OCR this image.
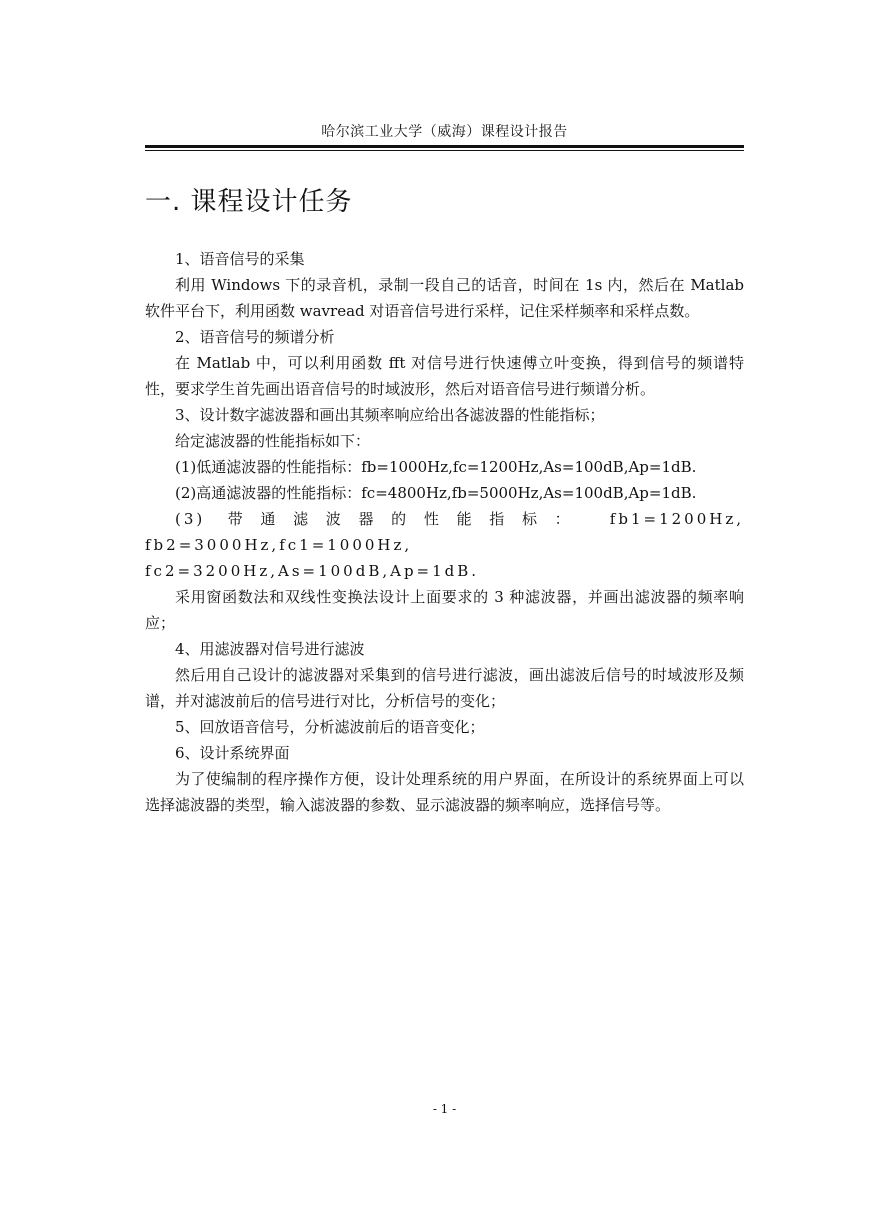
哈尔滨工业大学（威海）课程设计报告
一. 课程设计任务

1、语音信号的采集

利用 Windows 下的录音机，录制一段自己的话音，时间在 1s 内，然后在 Matlab 软件平台下，利用函数 wavread 对语音信号进行采样，记住采样频率和采样点数。

2、语音信号的频谱分析

在 Matlab 中，可以利用函数 fft 对信号进行快速傅立叶变换，得到信号的频谱特性，要求学生首先画出语音信号的时域波形，然后对语音信号进行频谱分析。

3、设计数字滤波器和画出其频率响应给出各滤波器的性能指标；

给定滤波器的性能指标如下：

(1)低通滤波器的性能指标：fb=1000Hz,fc=1200Hz,As=100dB,Ap=1dB.

(2)高通滤波器的性能指标：fc=4800Hz,fb=5000Hz,As=100dB,Ap=1dB.

(3) 带通滤波器的性能指标： fb1=1200Hz, fb2=3000Hz,fc1=1000Hz, fc2=3200Hz,As=100dB,Ap=1dB.

采用窗函数法和双线性变换法设计上面要求的 3 种滤波器，并画出滤波器的频率响应；

4、用滤波器对信号进行滤波

然后用自己设计的滤波器对采集到的信号进行滤波，画出滤波后信号的时域波形及频谱，并对滤波前后的信号进行对比，分析信号的变化；

5、回放语音信号，分析滤波前后的语音变化；

6、设计系统界面

为了使编制的程序操作方便，设计处理系统的用户界面，在所设计的系统界面上可以选择滤波器的类型，输入滤波器的参数、显示滤波器的频率响应，选择信号等。

- 1 -
